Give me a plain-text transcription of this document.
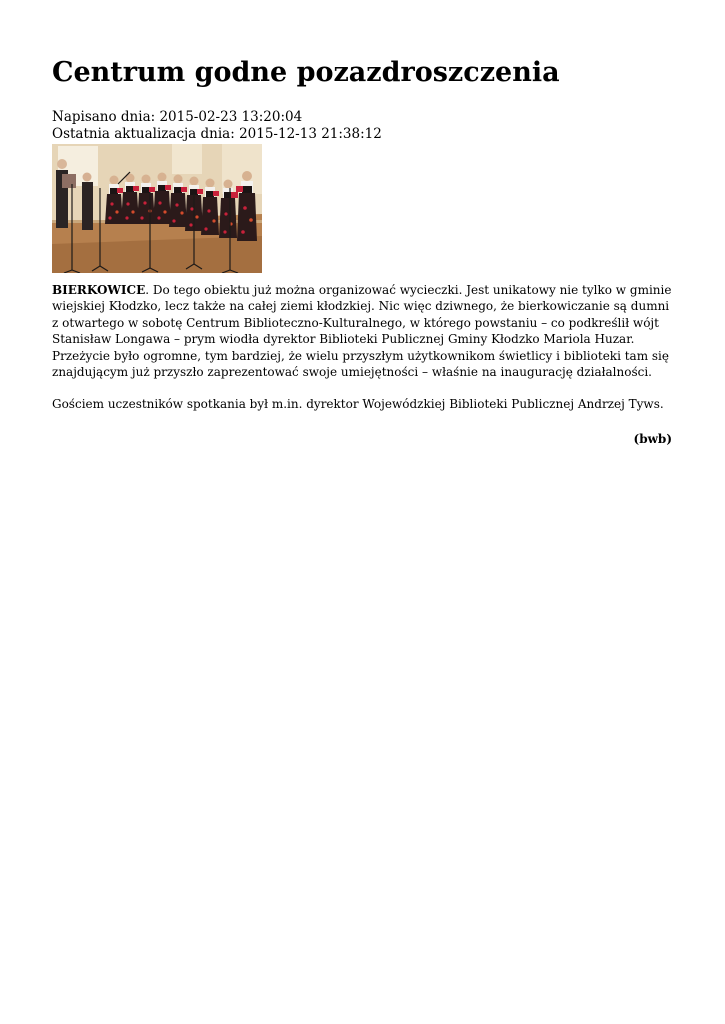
Centrum godne pozazdroszczenia
Napisano dnia: 2015-02-23 13:20:04
Ostatnia aktualizacja dnia: 2015-12-13 21:38:12

BIERKOWICE. Do tego obiektu już można organizować wycieczki. Jest unikatowy nie tylko w gminie wiejskiej Kłodzko, lecz także na całej ziemi kłodzkiej. Nic więc dziwnego, że bierkowiczanie są dumni z otwartego w sobotę Centrum Biblioteczno-Kulturalnego, w którego powstaniu – co podkreślił wójt Stanisław Longawa – prym wiodła dyrektor Biblioteki Publicznej Gminy Kłodzko Mariola Huzar. Przeżycie było ogromne, tym bardziej, że wielu przyszłym użytkownikom świetlicy i biblioteki tam się znajdującym już przyszło zaprezentować swoje umiejętności – właśnie na inaugurację działalności.

Gościem uczestników spotkania był m.in. dyrektor Wojewódzkiej Biblioteki Publicznej Andrzej Tyws.

(bwb)
